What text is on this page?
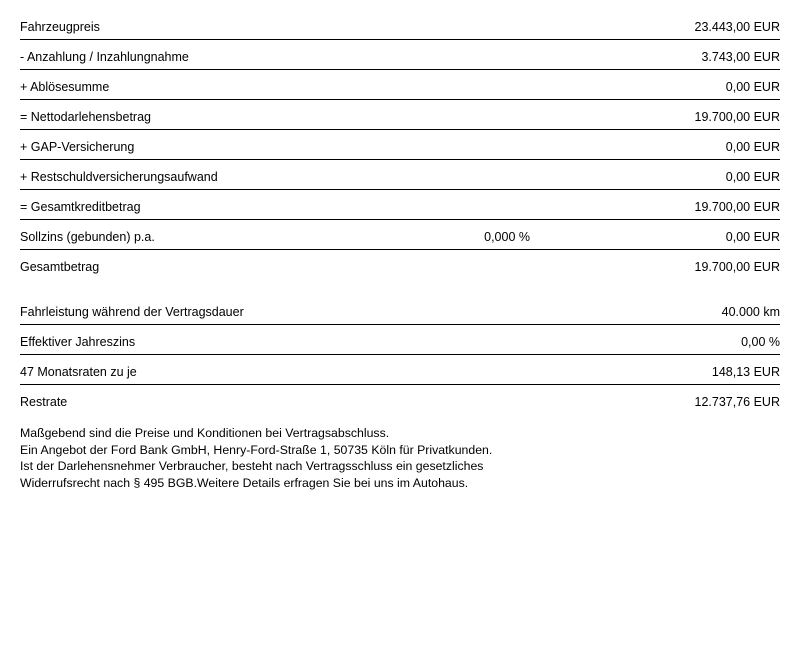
Fahrzeugpreis	23.443,00 EUR
- Anzahlung / Inzahlungnahme	3.743,00 EUR
+ Ablösesumme	0,00 EUR
= Nettodarlehensbetrag	19.700,00 EUR
+ GAP-Versicherung	0,00 EUR
+ Restschuldversicherungsaufwand	0,00 EUR
= Gesamtkreditbetrag	19.700,00 EUR
Sollzins (gebunden) p.a.	0,000 %	0,00 EUR
Gesamtbetrag	19.700,00 EUR
Fahrleistung während der Vertragsdauer	40.000 km
Effektiver Jahreszins	0,00 %
47 Monatsraten zu je	148,13 EUR
Restrate	12.737,76 EUR
Maßgebend sind die Preise und Konditionen bei Vertragsabschluss.
Ein Angebot der Ford Bank GmbH, Henry-Ford-Straße 1, 50735 Köln für Privatkunden.
Ist der Darlehensnehmer Verbraucher, besteht nach Vertragsschluss ein gesetzliches
Widerrufsrecht nach § 495 BGB.Weitere Details erfragen Sie bei uns im Autohaus.
